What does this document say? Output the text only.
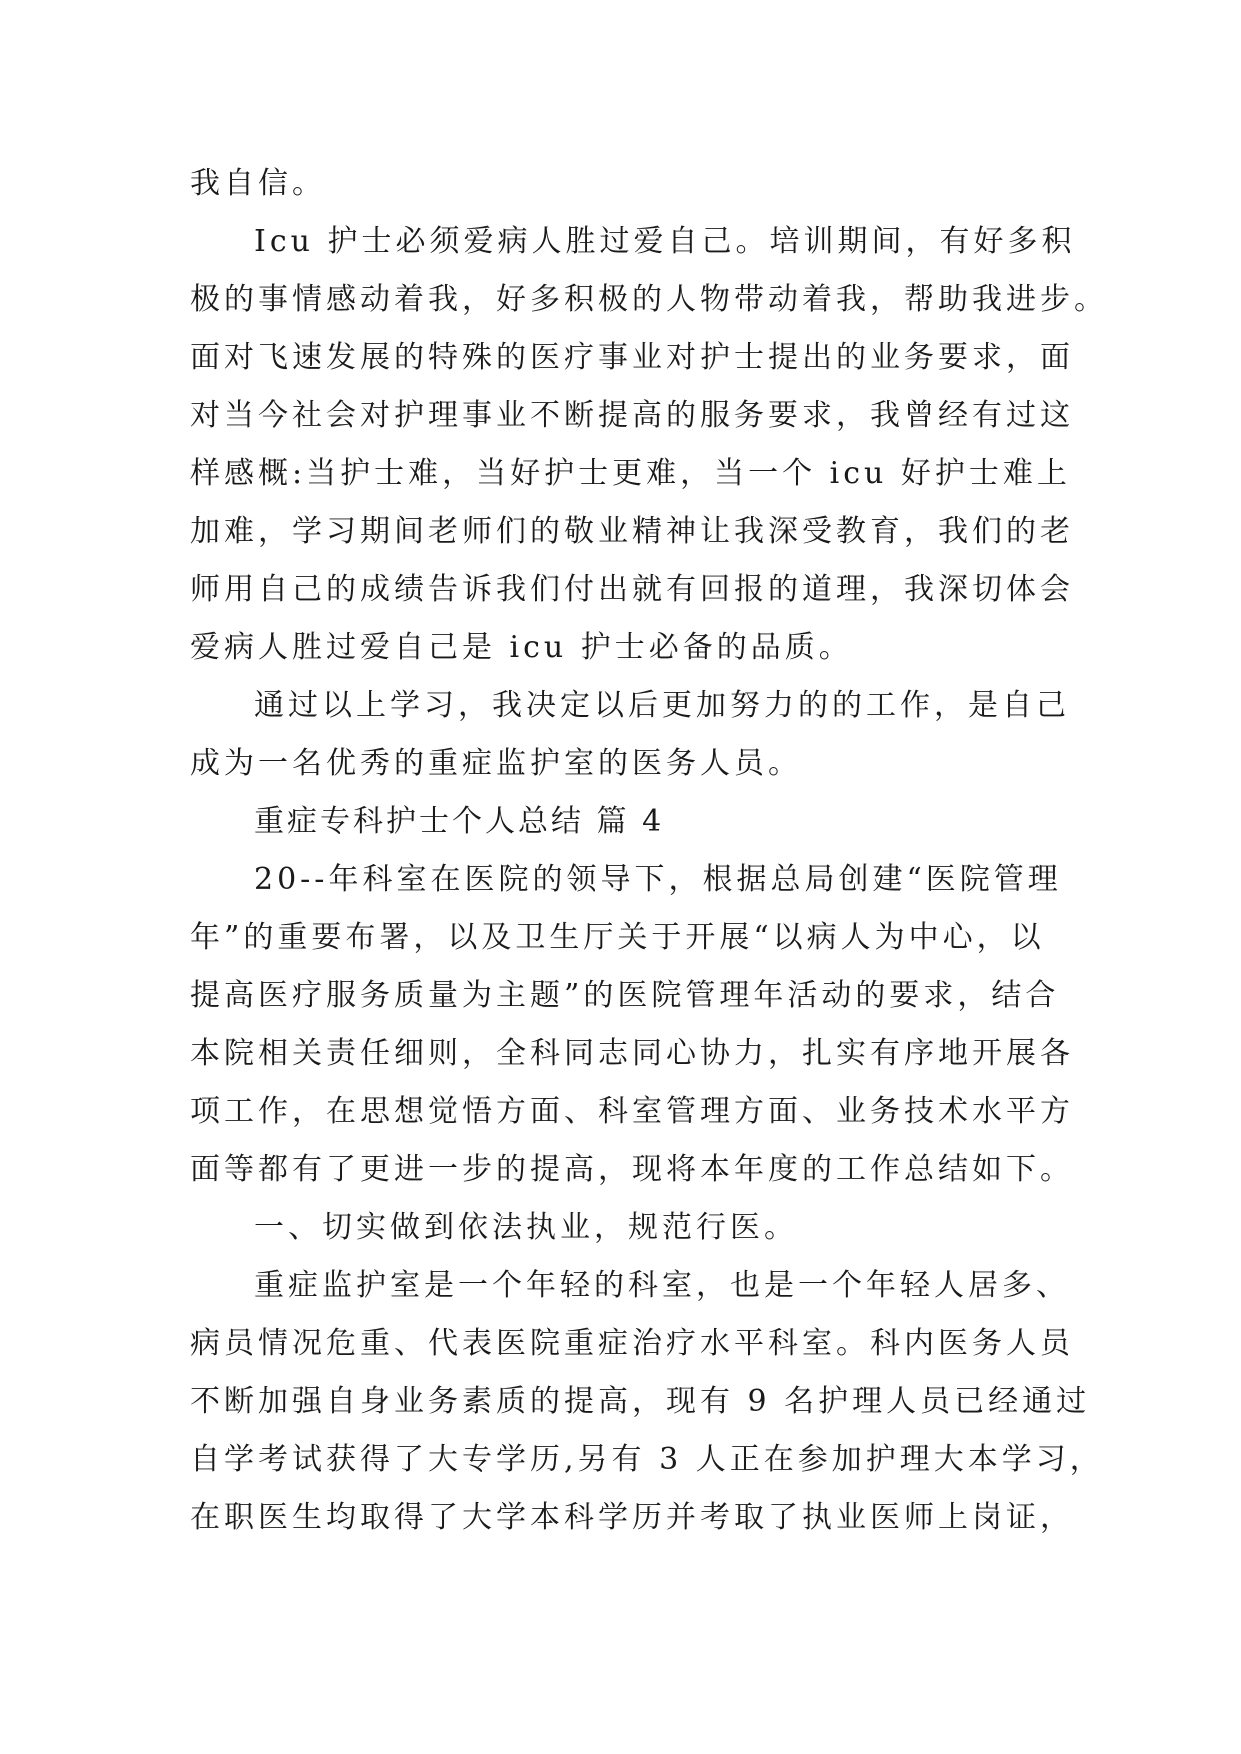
我自信。
Icu 护士必须爱病人胜过爱自己。培训期间，有好多积
极的事情感动着我，好多积极的人物带动着我，帮助我进步。
面对飞速发展的特殊的医疗事业对护士提出的业务要求，面
对当今社会对护理事业不断提高的服务要求，我曾经有过这
样感概:当护士难，当好护士更难，当一个 icu 好护士难上
加难，学习期间老师们的敬业精神让我深受教育，我们的老
师用自己的成绩告诉我们付出就有回报的道理，我深切体会
爱病人胜过爱自己是 icu 护士必备的品质。
通过以上学习，我决定以后更加努力的的工作，是自己
成为一名优秀的重症监护室的医务人员。
重症专科护士个人总结 篇 4
20--年科室在医院的领导下，根据总局创建“医院管理
年”的重要布署，以及卫生厅关于开展“以病人为中心，以
提高医疗服务质量为主题”的医院管理年活动的要求，结合
本院相关责任细则，全科同志同心协力，扎实有序地开展各
项工作，在思想觉悟方面、科室管理方面、业务技术水平方
面等都有了更进一步的提高，现将本年度的工作总结如下。
一、切实做到依法执业，规范行医。
重症监护室是一个年轻的科室，也是一个年轻人居多、
病员情况危重、代表医院重症治疗水平科室。科内医务人员
不断加强自身业务素质的提高，现有 9 名护理人员已经通过
自学考试获得了大专学历,另有 3 人正在参加护理大本学习，
在职医生均取得了大学本科学历并考取了执业医师上岗证，
